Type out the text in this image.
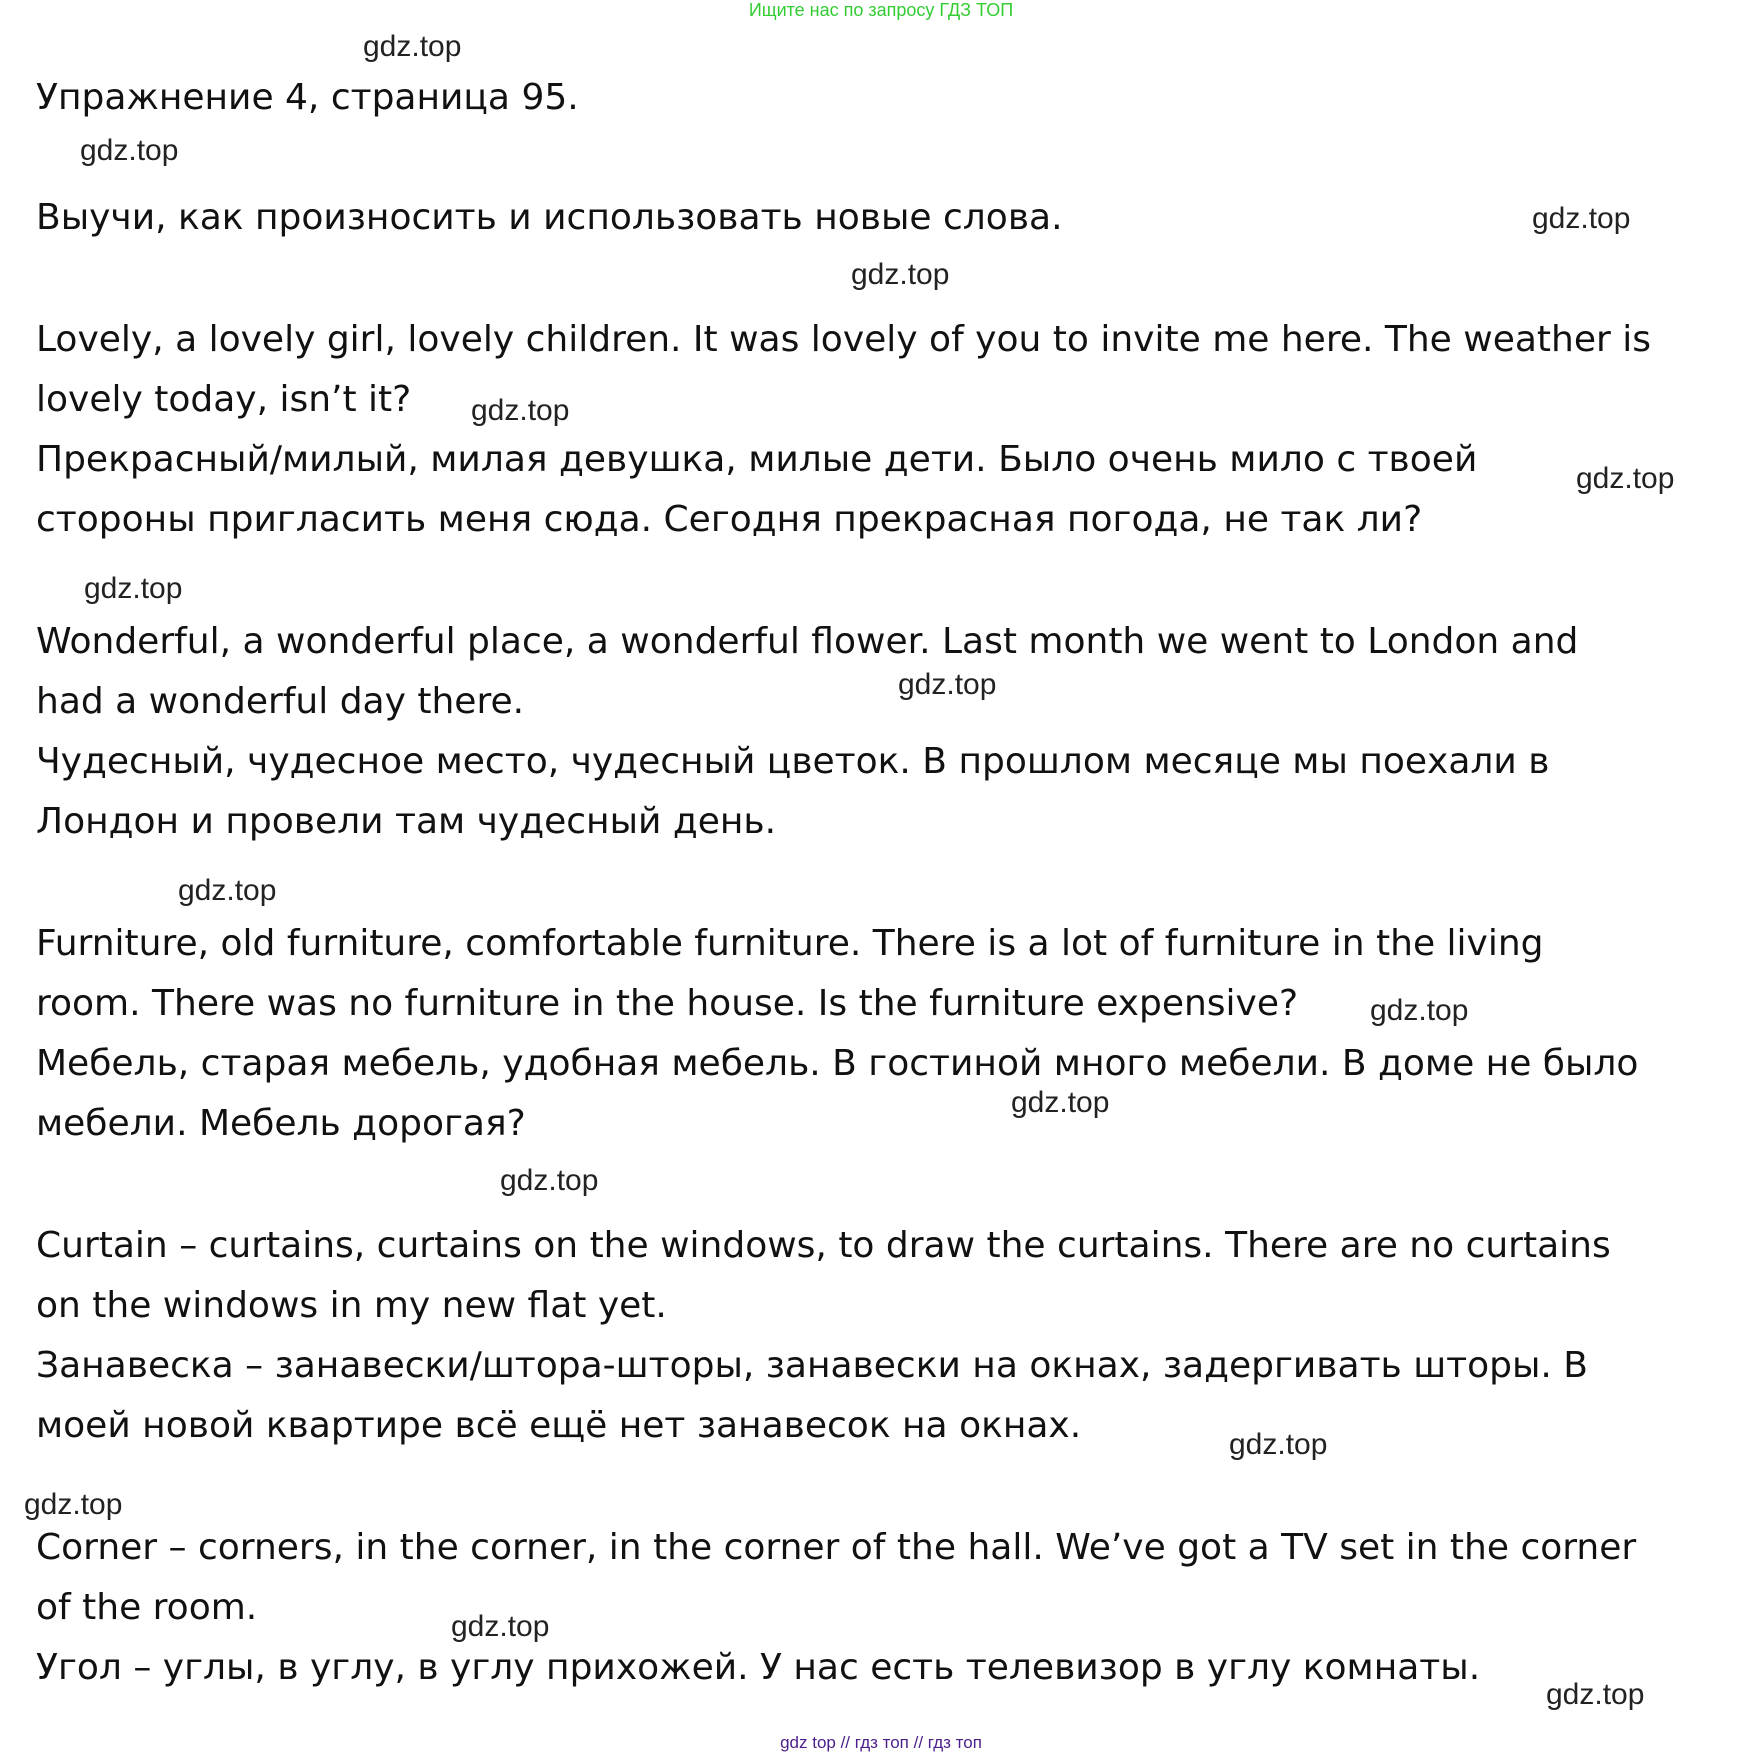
Ищите нас по запросу ГДЗ ТОП
gdz.top
gdz.top
gdz.top
gdz.top
gdz.top
gdz.top
gdz.top
gdz.top
gdz.top
gdz.top
gdz.top
gdz.top
gdz.top
gdz.top
gdz.top
gdz.top
Упражнение 4, страница 95.
Выучи, как произносить и использовать новые слова.
Lovely, a lovely girl, lovely children. It was lovely of you to invite me here. The weather is
lovely today, isn’t it?
Прекрасный/милый, милая девушка, милые дети. Было очень мило с твоей
стороны пригласить меня сюда. Сегодня прекрасная погода, не так ли?
Wonderful, a wonderful place, a wonderful flower. Last month we went to London and
had a wonderful day there.
Чудесный, чудесное место, чудесный цветок. В прошлом месяце мы поехали в
Лондон и провели там чудесный день.
Furniture, old furniture, comfortable furniture. There is a lot of furniture in the living
room. There was no furniture in the house. Is the furniture expensive?
Мебель, старая мебель, удобная мебель. В гостиной много мебели. В доме не было
мебели. Мебель дорогая?
Curtain – curtains, curtains on the windows, to draw the curtains. There are no curtains
on the windows in my new flat yet.
Занавеска – занавески/штора-шторы, занавески на окнах, задергивать шторы. В
моей новой квартире всё ещё нет занавесок на окнах.
Corner – corners, in the corner, in the corner of the hall. We’ve got a TV set in the corner
of the room.
Угол – углы, в углу, в углу прихожей. У нас есть телевизор в углу комнаты.
gdz top // гдз топ // гдз топ
